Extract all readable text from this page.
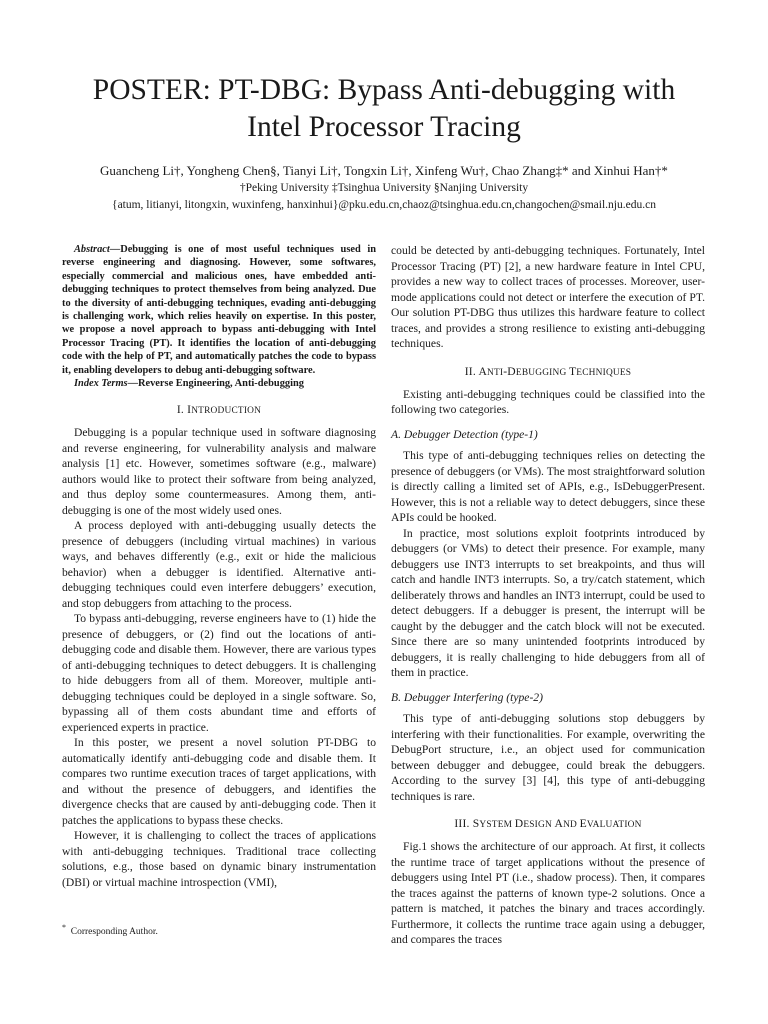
POSTER: PT-DBG: Bypass Anti-debugging with
Intel Processor Tracing
Guancheng Li†, Yongheng Chen§, Tianyi Li†, Tongxin Li†, Xinfeng Wu†, Chao Zhang‡* and Xinhui Han†*
†Peking University ‡Tsinghua University §Nanjing University
{atum, litianyi, litongxin, wuxinfeng, hanxinhui}@pku.edu.cn,chaoz@tsinghua.edu.cn,changochen@smail.nju.edu.cn

Abstract—Debugging is one of most useful techniques used in reverse engineering and diagnosing. However, some softwares, especially commercial and malicious ones, have embedded anti-debugging techniques to protect themselves from being analyzed. Due to the diversity of anti-debugging techniques, evading anti-debugging is challenging work, which relies heavily on expertise. In this poster, we propose a novel approach to bypass anti-debugging with Intel Processor Tracing (PT). It identifies the location of anti-debugging code with the help of PT, and automatically patches the code to bypass it, enabling developers to debug anti-debugging software.

Index Terms—Reverse Engineering, Anti-debugging

I. INTRODUCTION

Debugging is a popular technique used in software diagnosing and reverse engineering, for vulnerability analysis and malware analysis [1] etc. However, sometimes software (e.g., malware) authors would like to protect their software from being analyzed, and thus deploy some countermeasures. Among them, anti-debugging is one of the most widely used ones.

A process deployed with anti-debugging usually detects the presence of debuggers (including virtual machines) in various ways, and behaves differently (e.g., exit or hide the malicious behavior) when a debugger is identified. Alternative anti-debugging techniques could even interfere debuggers’ execution, and stop debuggers from attaching to the process.

To bypass anti-debugging, reverse engineers have to (1) hide the presence of debuggers, or (2) find out the locations of anti-debugging code and disable them. However, there are various types of anti-debugging techniques to detect debuggers. It is challenging to hide debuggers from all of them. Moreover, multiple anti-debugging techniques could be deployed in a single software. So, bypassing all of them costs abundant time and efforts of experienced experts in practice.

In this poster, we present a novel solution PT-DBG to automatically identify anti-debugging code and disable them. It compares two runtime execution traces of target applications, with and without the presence of debuggers, and identifies the divergence checks that are caused by anti-debugging code. Then it patches the applications to bypass these checks.

However, it is challenging to collect the traces of applications with anti-debugging techniques. Traditional trace collecting solutions, e.g., those based on dynamic binary instrumentation (DBI) or virtual machine introspection (VMI),

* Corresponding Author.

could be detected by anti-debugging techniques. Fortunately, Intel Processor Tracing (PT) [2], a new hardware feature in Intel CPU, provides a new way to collect traces of processes. Moreover, user-mode applications could not detect or interfere the execution of PT. Our solution PT-DBG thus utilizes this hardware feature to collect traces, and provides a strong resilience to existing anti-debugging techniques.

II. ANTI-DEBUGGING TECHNIQUES

Existing anti-debugging techniques could be classified into the following two categories.

A. Debugger Detection (type-1)

This type of anti-debugging techniques relies on detecting the presence of debuggers (or VMs). The most straightforward solution is directly calling a limited set of APIs, e.g., IsDebuggerPresent. However, this is not a reliable way to detect debuggers, since these APIs could be hooked.

In practice, most solutions exploit footprints introduced by debuggers (or VMs) to detect their presence. For example, many debuggers use INT3 interrupts to set breakpoints, and thus will catch and handle INT3 interrupts. So, a try/catch statement, which deliberately throws and handles an INT3 interrupt, could be used to detect debuggers. If a debugger is present, the interrupt will be caught by the debugger and the catch block will not be executed. Since there are so many unintended footprints introduced by debuggers, it is really challenging to hide debuggers from all of them in practice.

B. Debugger Interfering (type-2)

This type of anti-debugging solutions stop debuggers by interfering with their functionalities. For example, overwriting the DebugPort structure, i.e., an object used for communication between debugger and debuggee, could break the debuggers. According to the survey [3] [4], this type of anti-debugging techniques is rare.

III. SYSTEM DESIGN AND EVALUATION

Fig.1 shows the architecture of our approach. At first, it collects the runtime trace of target applications without the presence of debuggers using Intel PT (i.e., shadow process). Then, it compares the traces against the patterns of known type-2 solutions. Once a pattern is matched, it patches the binary and traces accordingly. Furthermore, it collects the runtime trace again using a debugger, and compares the traces
